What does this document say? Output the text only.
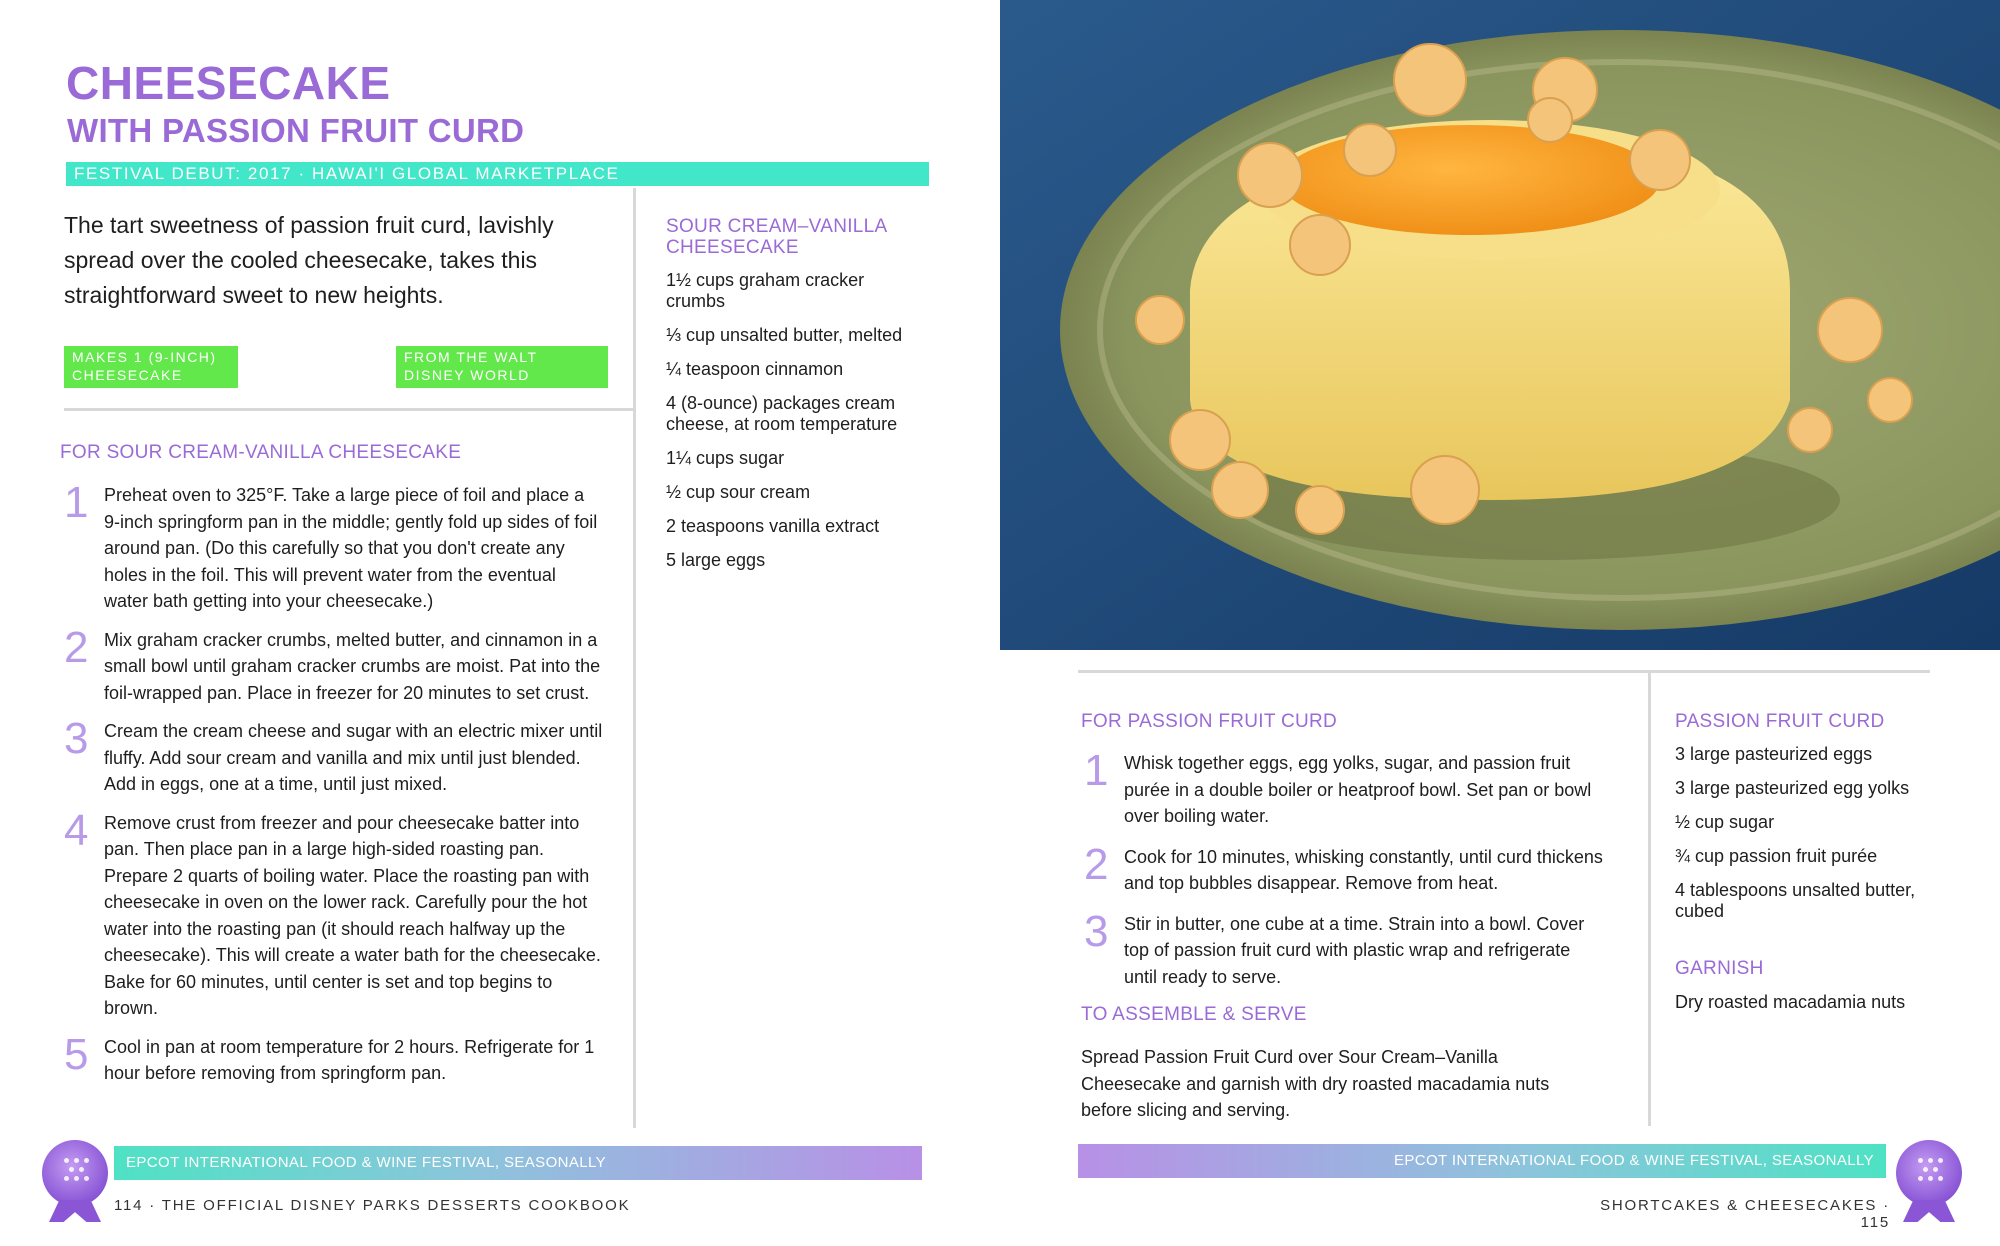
CHEESECAKE
WITH PASSION FRUIT CURD
FESTIVAL DEBUT: 2017 · HAWAI'I GLOBAL MARKETPLACE
The tart sweetness of passion fruit curd, lavishly spread over the cooled cheesecake, takes this straightforward sweet to new heights.
MAKES 1 (9-INCH) CHEESECAKE
FROM THE WALT DISNEY WORLD RESORT
FOR SOUR CREAM-VANILLA CHEESECAKE
1 Preheat oven to 325°F. Take a large piece of foil and place a 9-inch springform pan in the middle; gently fold up sides of foil around pan. (Do this carefully so that you don't create any holes in the foil. This will prevent water from the eventual water bath getting into your cheesecake.)
2 Mix graham cracker crumbs, melted butter, and cinnamon in a small bowl until graham cracker crumbs are moist. Pat into the foil-wrapped pan. Place in freezer for 20 minutes to set crust.
3 Cream the cream cheese and sugar with an electric mixer until fluffy. Add sour cream and vanilla and mix until just blended. Add in eggs, one at a time, until just mixed.
4 Remove crust from freezer and pour cheesecake batter into pan. Then place pan in a large high-sided roasting pan. Prepare 2 quarts of boiling water. Place the roasting pan with cheesecake in oven on the lower rack. Carefully pour the hot water into the roasting pan (it should reach halfway up the cheesecake). This will create a water bath for the cheesecake. Bake for 60 minutes, until center is set and top begins to brown.
5 Cool in pan at room temperature for 2 hours. Refrigerate for 1 hour before removing from springform pan.
SOUR CREAM–VANILLA CHEESECAKE
1½ cups graham cracker crumbs
⅓ cup unsalted butter, melted
¼ teaspoon cinnamon
4 (8-ounce) packages cream cheese, at room temperature
1¼ cups sugar
½ cup sour cream
2 teaspoons vanilla extract
5 large eggs
EPCOT INTERNATIONAL FOOD & WINE FESTIVAL, SEASONALLY
114 · THE OFFICIAL DISNEY PARKS DESSERTS COOKBOOK
FOR PASSION FRUIT CURD
1 Whisk together eggs, egg yolks, sugar, and passion fruit purée in a double boiler or heatproof bowl. Set pan or bowl over boiling water.
2 Cook for 10 minutes, whisking constantly, until curd thickens and top bubbles disappear. Remove from heat.
3 Stir in butter, one cube at a time. Strain into a bowl. Cover top of passion fruit curd with plastic wrap and refrigerate until ready to serve.
TO ASSEMBLE & SERVE
Spread Passion Fruit Curd over Sour Cream–Vanilla Cheesecake and garnish with dry roasted macadamia nuts before slicing and serving.
PASSION FRUIT CURD
3 large pasteurized eggs
3 large pasteurized egg yolks
½ cup sugar
¾ cup passion fruit purée
4 tablespoons unsalted butter, cubed
GARNISH
Dry roasted macadamia nuts
EPCOT INTERNATIONAL FOOD & WINE FESTIVAL, SEASONALLY
SHORTCAKES & CHEESECAKES · 115
